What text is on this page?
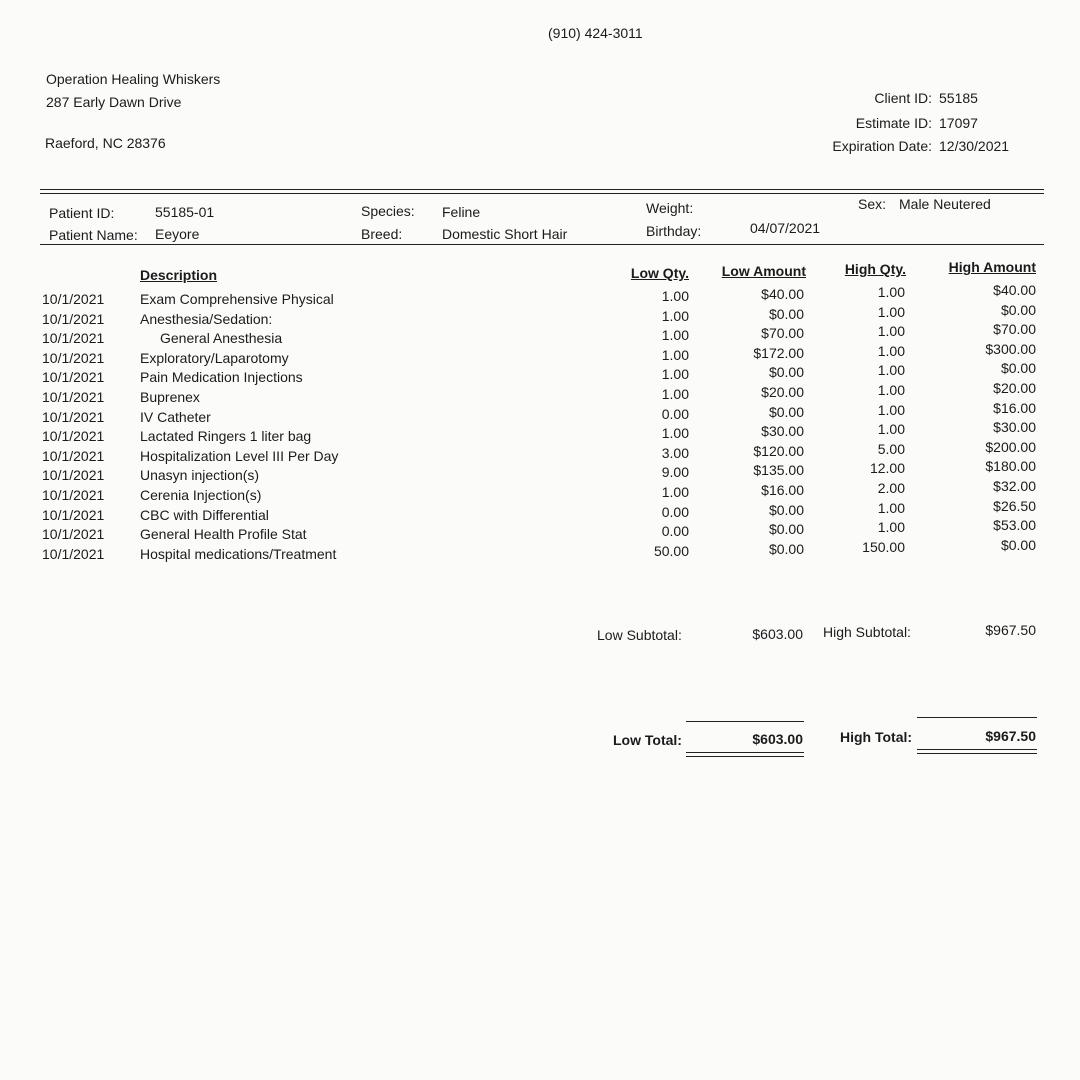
(910) 424-3011
Operation Healing Whiskers
287 Early Dawn Drive
Raeford, NC 28376
Client ID: 55185
Estimate ID: 17097
Expiration Date: 12/30/2021
Patient ID:	55185-01
Patient Name: Eeyore
Species: Feline
Breed:	Domestic Short Hair
Weight:
Birthday:	04/07/2021
Sex: Male Neutered
Description	Low Qty.	Low Amount	High Qty.	High Amount
10/1/2021	Exam Comprehensive Physical	1.00	$40.00	1.00	$40.00
10/1/2021	Anesthesia/Sedation:	1.00	$0.00	1.00	$0.00
10/1/2021	General Anesthesia	1.00	$70.00	1.00	$70.00
10/1/2021	Exploratory/Laparotomy	1.00	$172.00	1.00	$300.00
10/1/2021	Pain Medication Injections	1.00	$0.00	1.00	$0.00
10/1/2021	Buprenex	1.00	$20.00	1.00	$20.00
10/1/2021	IV Catheter	0.00	$0.00	1.00	$16.00
10/1/2021	Lactated Ringers 1 liter bag	1.00	$30.00	1.00	$30.00
10/1/2021	Hospitalization Level III Per Day	3.00	$120.00	5.00	$200.00
10/1/2021	Unasyn injection(s)	9.00	$135.00	12.00	$180.00
10/1/2021	Cerenia Injection(s)	1.00	$16.00	2.00	$32.00
10/1/2021	CBC with Differential	0.00	$0.00	1.00	$26.50
10/1/2021	General Health Profile Stat	0.00	$0.00	1.00	$53.00
10/1/2021	Hospital medications/Treatment	50.00	$0.00	150.00	$0.00
Low Subtotal:	$603.00 High Subtotal:	$967.50
Low Total:	$603.00	High Total:	$967.50
